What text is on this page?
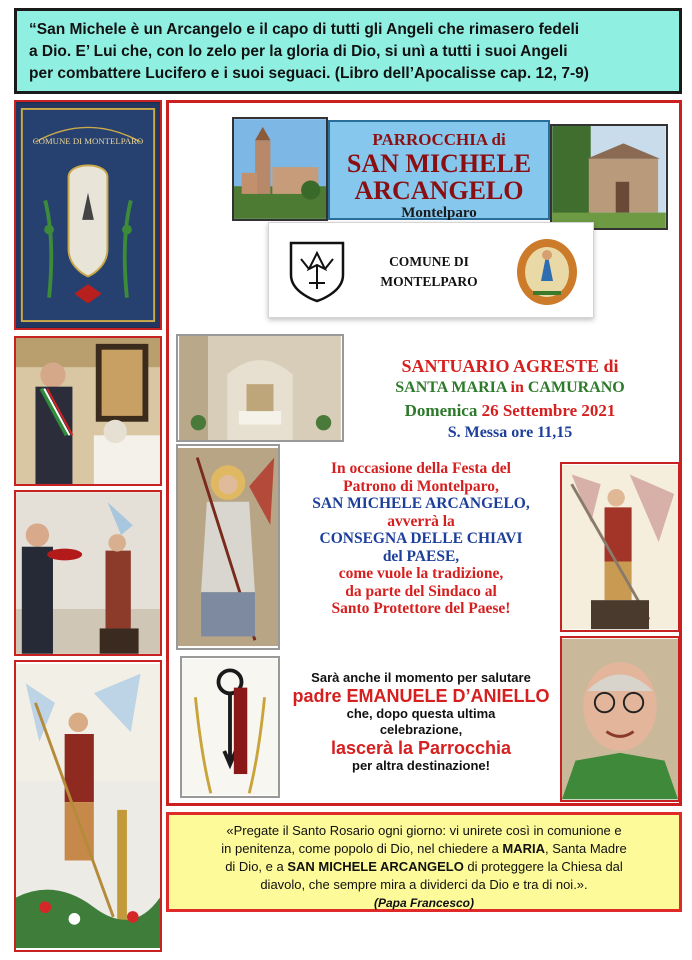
“San Michele è un Arcangelo e il capo di tutti gli Angeli che rimasero fedeli
a Dio. E’ Lui che, con lo zelo per la gloria di Dio, si unì a tutti i suoi Angeli
per combattere Lucifero e i suoi seguaci. (Libro dell’Apocalisse cap. 12, 7-9)
COMUNE DI MONTELPARO	PARROCCHIA di
SAN MICHELE
ARCANGELO
Montelparo
COMUNE DI
MONTELPARO
SANTUARIO AGRESTE di
SANTA MARIA in CAMURANO
Domenica 26 Settembre 2021
S. Messa ore 11,15
In occasione della Festa del
Patrono di Montelparo,
SAN MICHELE ARCANGELO,
avverrà la
CONSEGNA DELLE CHIAVI
del PAESE,
come vuole la tradizione,
da parte del Sindaco al
Santo Protettore del Paese!
Sarà anche il momento per salutare
padre EMANUELE D’ANIELLO
che, dopo questa ultima
celebrazione,
lascerà la Parrocchia
per altra destinazione!
«Pregate il Santo Rosario ogni giorno: vi unirete così in comunione e
in penitenza, come popolo di Dio, nel chiedere a MARIA, Santa Madre
di Dio, e a SAN MICHELE ARCANGELO di proteggere la Chiesa dal
diavolo, che sempre mira a dividerci da Dio e tra di noi.».
(Papa Francesco)
